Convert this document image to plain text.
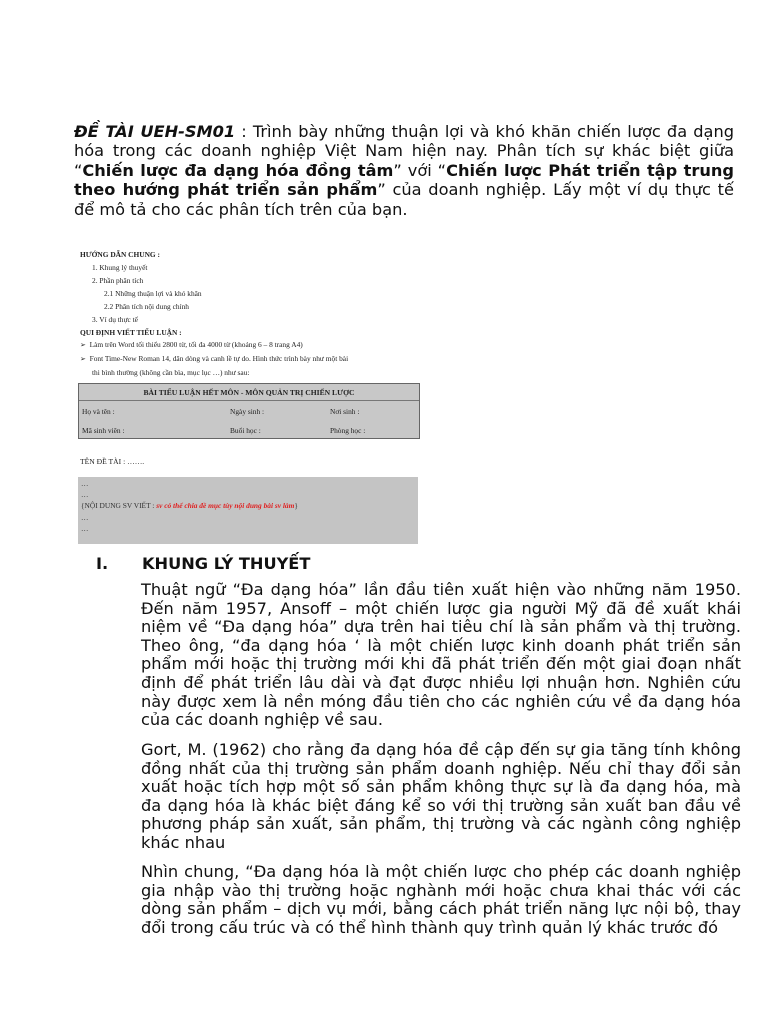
ĐỀ TÀI UEH-SM01 : Trình bày những thuận lợi và khó khăn chiến lược đa dạng hóa trong các doanh nghiệp Việt Nam hiện nay. Phân tích sự khác biệt giữa “Chiến lược đa dạng hóa đồng tâm” với “Chiến lược Phát triển tập trung theo hướng phát triển sản phẩm” của doanh nghiệp. Lấy một ví dụ thực tế để mô tả cho các phân tích trên của bạn.
HƯỚNG DẪN CHUNG :
1. Khung lý thuyết
2. Phần phân tích
2.1 Những thuận lợi và khó khăn
2.2 Phân tích nội dung chính
3. Ví dụ thực tế
QUI ĐỊNH VIẾT TIỂU LUẬN :
➢ Làm trên Word tối thiểu 2800 từ, tối đa 4000 từ (khoảng 6 – 8 trang A4)
➢ Font Time-New Roman 14, dãn dòng và canh lề tự do. Hình thức trình bày như một bài
thi bình thường (không cần bìa, mục lục …) như sau:
BÀI TIỂU LUẬN HẾT MÔN - MÔN QUẢN TRỊ CHIẾN LƯỢC
Họ và tên :	Ngày sinh :	Nơi sinh :
Mã sinh viên :	Buổi học :	Phòng học :
TÊN ĐỀ TÀI : …….
…
…
{NỘI DUNG SV VIẾT : sv có thể chia đề mục tùy nội dung bài sv làm}
…
…
I. KHUNG LÝ THUYẾT
Thuật ngữ “Đa dạng hóa” lần đầu tiên xuất hiện vào những năm 1950. Đến năm 1957, Ansoff – một chiến lược gia người Mỹ đã đề xuất khái niệm về “Đa dạng hóa” dựa trên hai tiêu chí là sản phẩm và thị trường. Theo ông, “đa dạng hóa ‘ là một chiến lược kinh doanh phát triển sản phẩm mới hoặc thị trường mới khi đã phát triển đến một giai đoạn nhất định để phát triển lâu dài và đạt được nhiều lợi nhuận hơn. Nghiên cứu này được xem là nền móng đầu tiên cho các nghiên cứu về đa dạng hóa của các doanh nghiệp về sau.
Gort, M. (1962) cho rằng đa dạng hóa đề cập đến sự gia tăng tính không đồng nhất của thị trường sản phẩm doanh nghiệp. Nếu chỉ thay đổi sản xuất hoặc tích hợp một số sản phẩm không thực sự là đa dạng hóa, mà đa dạng hóa là khác biệt đáng kể so với thị trường sản xuất ban đầu về phương pháp sản xuất, sản phẩm, thị trường và các ngành công nghiệp khác nhau
Nhìn chung, “Đa dạng hóa là một chiến lược cho phép các doanh nghiệp gia nhập vào thị trường hoặc nghành mới hoặc chưa khai thác với các dòng sản phẩm – dịch vụ mới, bằng cách phát triển năng lực nội bộ, thay đổi trong cấu trúc và có thể hình thành quy trình quản lý khác trước đó
